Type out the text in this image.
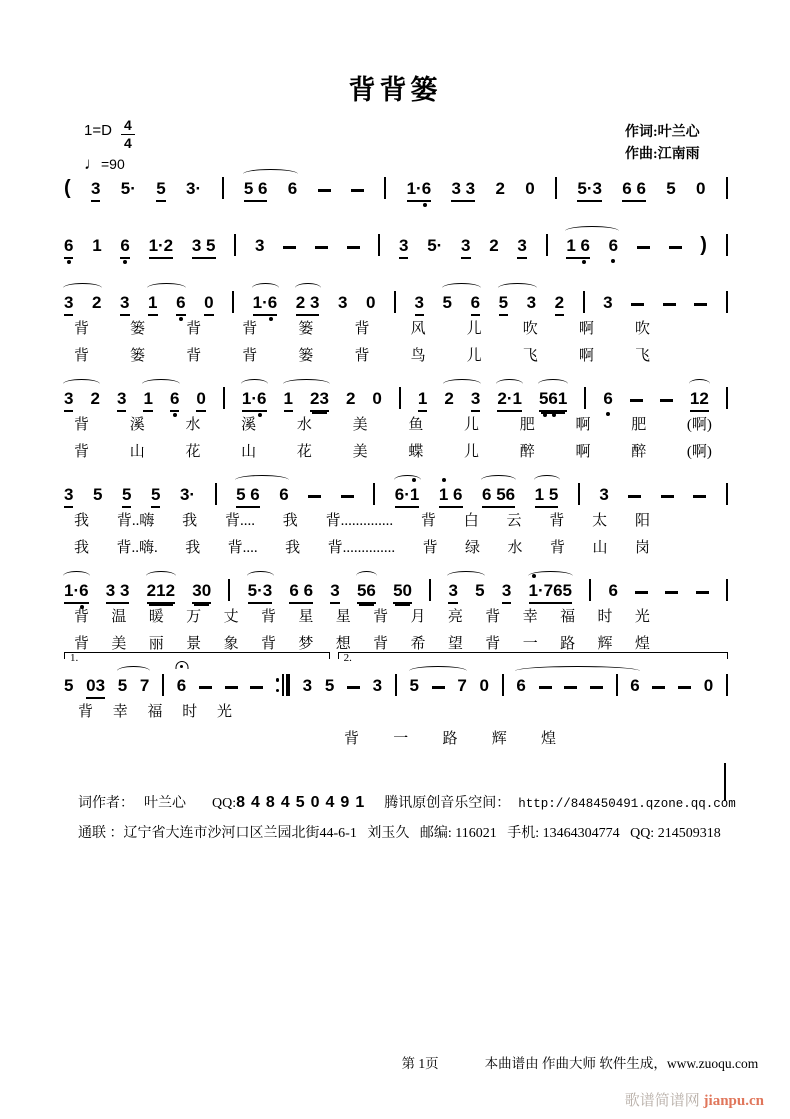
背背篓
$1=D \frac{4}{4}$
♩=90
作词:叶兰心
作曲:江南雨
( 3 5· 5 3·	5 6 6	1·6 3 3 2 0	5·3 6 6 5 0
6 1 6 1·2 3 5 3	3 5· 3 2 3 1 6 6	)
3 2 3 1 6 0 1·6 2 3 3 0 3 5 6 5 3 2 3
背	篓	背	背	篓	背	风	儿	吹	啊	吹
背	篓	背	背	篓	背	鸟	儿	飞	啊	飞
3 2 3 1 6 0 1·6 1 23 2 0 1 2 3 2·1 561 6	12
背	溪	水	溪	水	美	鱼	儿	肥	啊	肥	(啊)
背	山	花	山	花	美	蝶	儿	醉	啊	醉	(啊)
3 5 5 5 3· 5 6 6	6·1 1 6 6 56 1 5 3
我 背..嗨 我 背.... 我 背.............. 背 白 云 背 太 阳
我 背..嗨. 我 背.... 我 背.............. 背 绿 水 背 山 岗
1·6 3 3 212 30 5·3 6 6 3 56 50 3 5 3 1·765 6
背 温 暖 万 丈 背 星 星 背 月 亮 背 幸 福 时 光
背 美 丽 景 象 背 梦 想 背 希 望 背 一 路 辉 煌
1.	2.
5 03 5 7 6	3 5 3 5 7 0 6	6	0
背 幸 福 时 光
背 一 路 辉 煌
词作者： 叶兰心 QQ: 848450491 腾讯原创音乐空间： http://848450491.qzone.qq.com
通联 ：辽宁省大连市沙河口区兰园北街44-6-1   刘玉久   邮编: 116021   手机: 13464304774   QQ: 214509318

第 1页	本曲谱由 作曲大师 软件生成，www.zuoqu.com

歌谱简谱网 jianpu.cn
